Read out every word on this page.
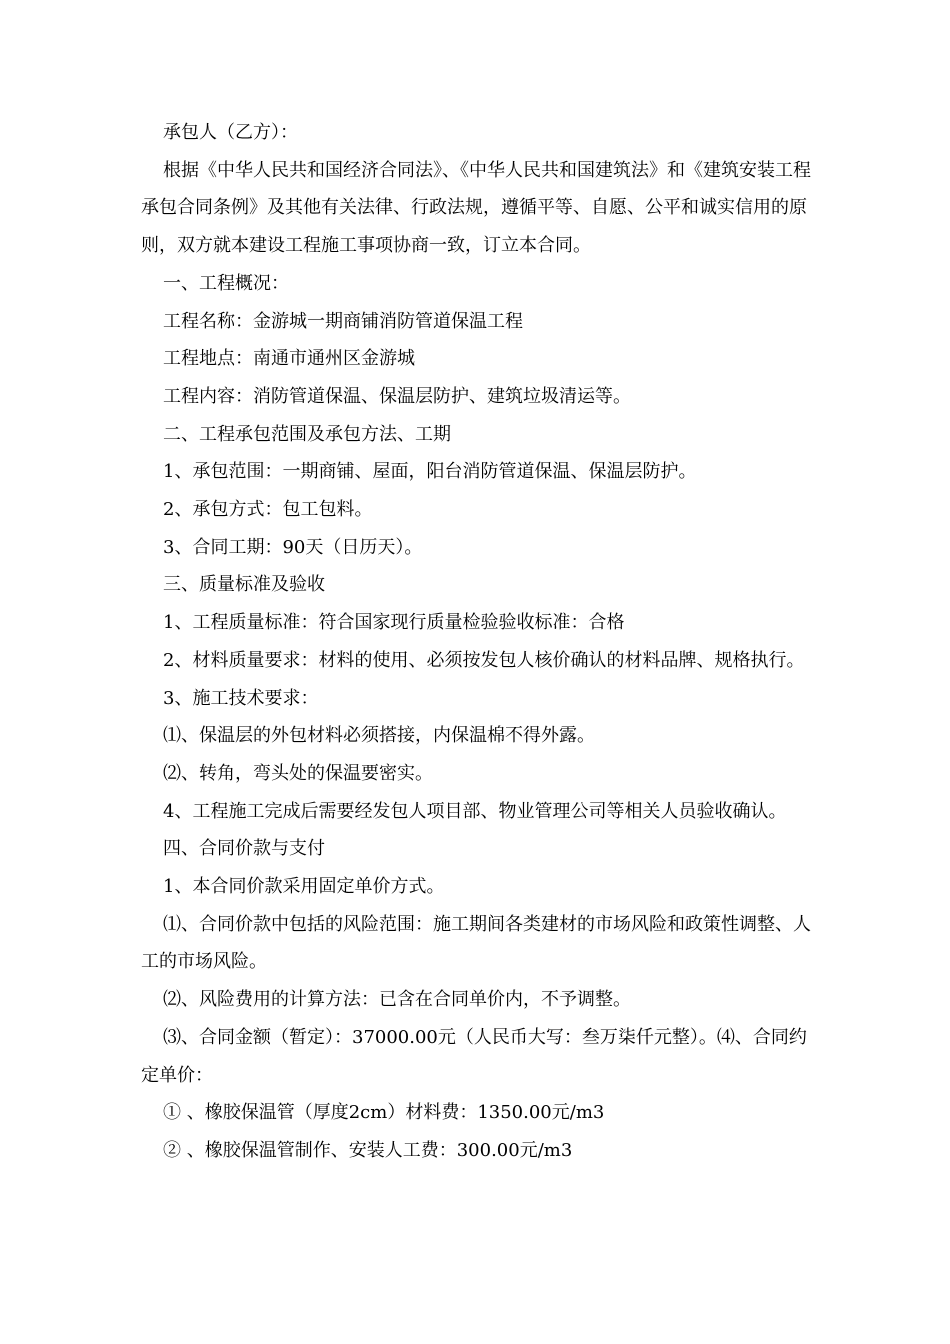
承包人（乙方）：

根据《中华人民共和国经济合同法》、《中华人民共和国建筑法》和《建筑安装工程承包合同条例》及其他有关法律、行政法规，遵循平等、自愿、公平和诚实信用的原则，双方就本建设工程施工事项协商一致，订立本合同。

一、工程概况：

工程名称：金游城一期商铺消防管道保温工程

工程地点：南通市通州区金游城

工程内容：消防管道保温、保温层防护、建筑垃圾清运等。

二、工程承包范围及承包方法、工期

1、承包范围：一期商铺、屋面，阳台消防管道保温、保温层防护。

2、承包方式：包工包料。

3、合同工期：90天（日历天）。

三、质量标准及验收

1、工程质量标准：符合国家现行质量检验验收标准：合格

2、材料质量要求：材料的使用、必须按发包人核价确认的材料品牌、规格执行。

3、施工技术要求：

⑴、保温层的外包材料必须搭接，内保温棉不得外露。

⑵、转角，弯头处的保温要密实。

4、工程施工完成后需要经发包人项目部、物业管理公司等相关人员验收确认。

四、合同价款与支付

1、本合同价款采用固定单价方式。

⑴、合同价款中包括的风险范围：施工期间各类建材的市场风险和政策性调整、人工的市场风险。

⑵、风险费用的计算方法：已含在合同单价内，不予调整。

⑶、合同金额（暂定）：37000.00元（人民币大写：叁万柒仟元整）。⑷、合同约定单价：

① 、橡胶保温管（厚度2cm）材料费：1350.00元/m3

② 、橡胶保温管制作、安装人工费：300.00元/m3
